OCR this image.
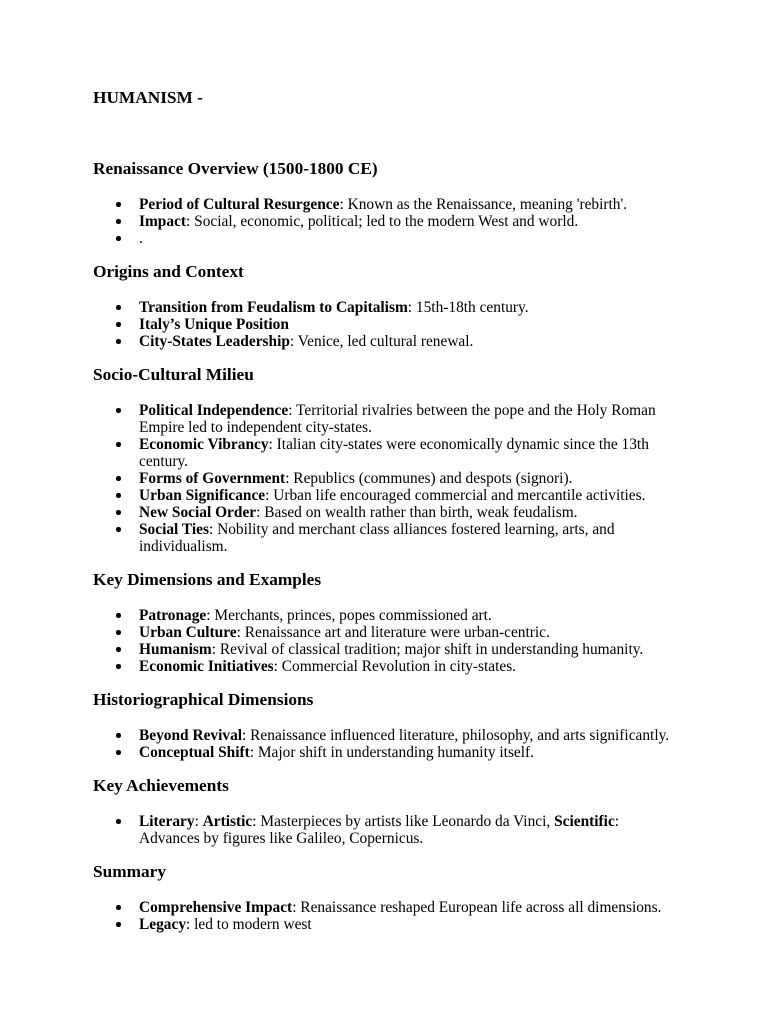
HUMANISM -
Renaissance Overview (1500-1800 CE)
Period of Cultural Resurgence: Known as the Renaissance, meaning 'rebirth'.
Impact: Social, economic, political; led to the modern West and world.
.
Origins and Context
Transition from Feudalism to Capitalism: 15th-18th century.
Italy’s Unique Position
City-States Leadership: Venice, led cultural renewal.
Socio-Cultural Milieu
Political Independence: Territorial rivalries between the pope and the Holy Roman
Empire led to independent city-states.
Economic Vibrancy: Italian city-states were economically dynamic since the 13th
century.
Forms of Government: Republics (communes) and despots (signori).
Urban Significance: Urban life encouraged commercial and mercantile activities.
New Social Order: Based on wealth rather than birth, weak feudalism.
Social Ties: Nobility and merchant class alliances fostered learning, arts, and
individualism.
Key Dimensions and Examples
Patronage: Merchants, princes, popes commissioned art.
Urban Culture: Renaissance art and literature were urban-centric.
Humanism: Revival of classical tradition; major shift in understanding humanity.
Economic Initiatives: Commercial Revolution in city-states.
Historiographical Dimensions
Beyond Revival: Renaissance influenced literature, philosophy, and arts significantly.
Conceptual Shift: Major shift in understanding humanity itself.
Key Achievements
Literary: Artistic: Masterpieces by artists like Leonardo da Vinci, Scientific:
Advances by figures like Galileo, Copernicus.
Summary
Comprehensive Impact: Renaissance reshaped European life across all dimensions.
Legacy: led to modern west
